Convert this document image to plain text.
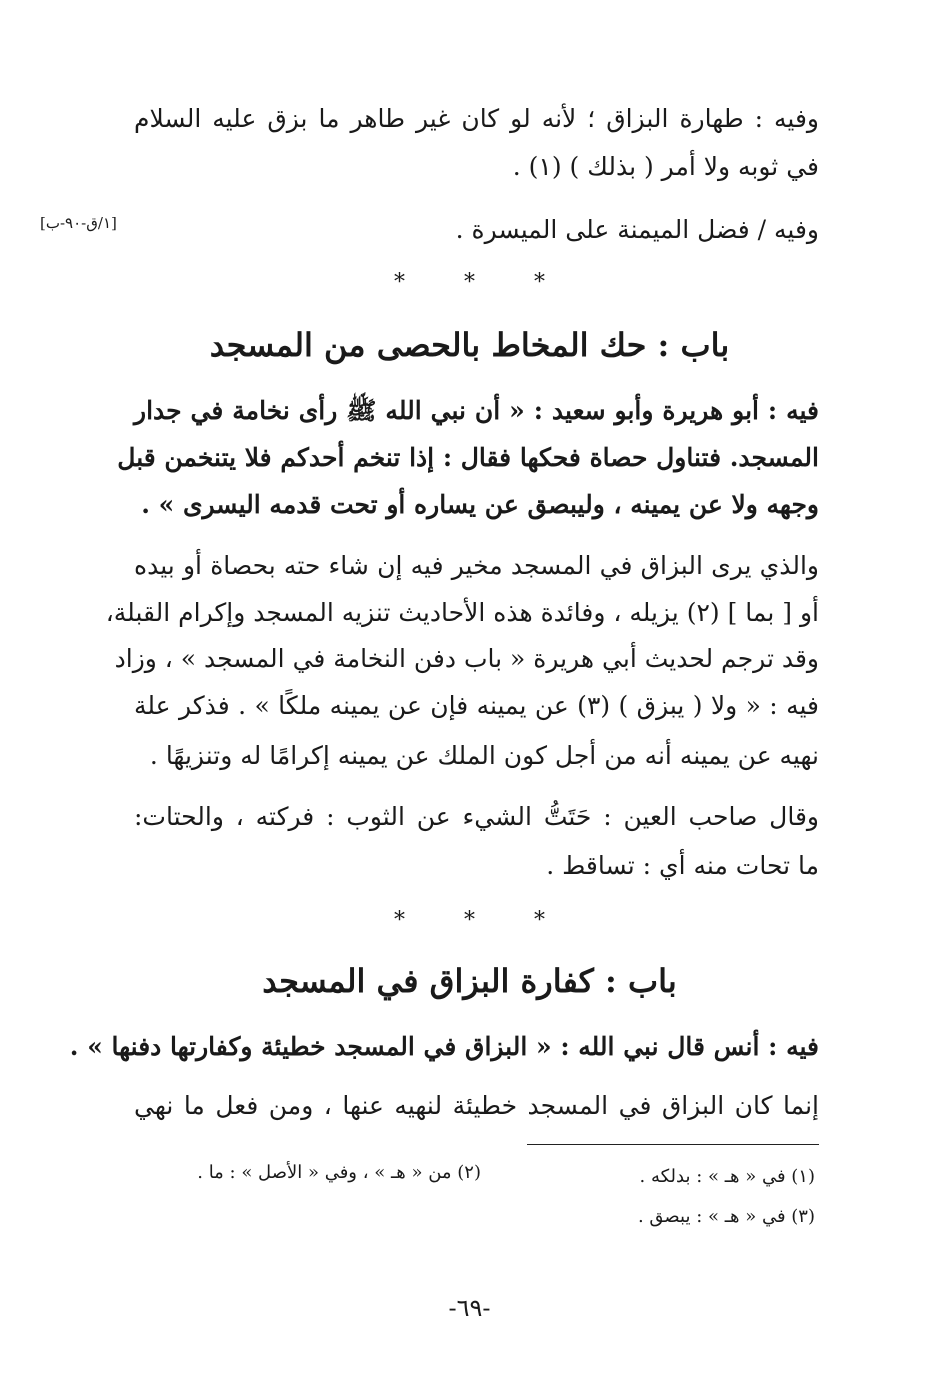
وفيه : طهارة البزاق ؛ لأنه لو كان غير طاهر ما بزق عليه السلام
في ثوبه ولا أمر ( بذلك ) (١) .
وفيه / فضل الميمنة على الميسرة .
[١/ق-٩٠-ب]
* * *
باب : حك المخاط بالحصى من المسجد
فيه : أبو هريرة وأبو سعيد : « أن نبي الله ﷺ رأى نخامة في جدار
المسجد. فتناول حصاة فحكها فقال : إذا تنخم أحدكم فلا يتنخمن قبل
وجهه ولا عن يمينه ، وليبصق عن يساره أو تحت قدمه اليسرى » .
والذي يرى البزاق في المسجد مخير فيه إن شاء حته بحصاة أو بيده
أو [ بما ] (٢) يزيله ، وفائدة هذه الأحاديث تنزيه المسجد وإكرام القبلة،
وقد ترجم لحديث أبي هريرة « باب دفن النخامة في المسجد » ، وزاد
فيه : « ولا ( يبزق ) (٣) عن يمينه فإن عن يمينه ملكًا » . فذكر علة
نهيه عن يمينه أنه من أجل كون الملك عن يمينه إكرامًا له وتنزيهًا .
وقال صاحب العين : حَتَتُّ الشيء عن الثوب : فركته ، والحتات:
ما تحات منه أي : تساقط .
* * *
باب : كفارة البزاق في المسجد
فيه : أنس قال نبي الله : « البزاق في المسجد خطيئة وكفارتها دفنها » .
إنما كان البزاق في المسجد خطيئة لنهيه عنها ، ومن فعل ما نهي
(١) في « هـ » : بدلكه .
(٢) من « هـ » ، وفي « الأصل » : ما .
(٣) في « هـ » : يبصق .
-٦٩-
